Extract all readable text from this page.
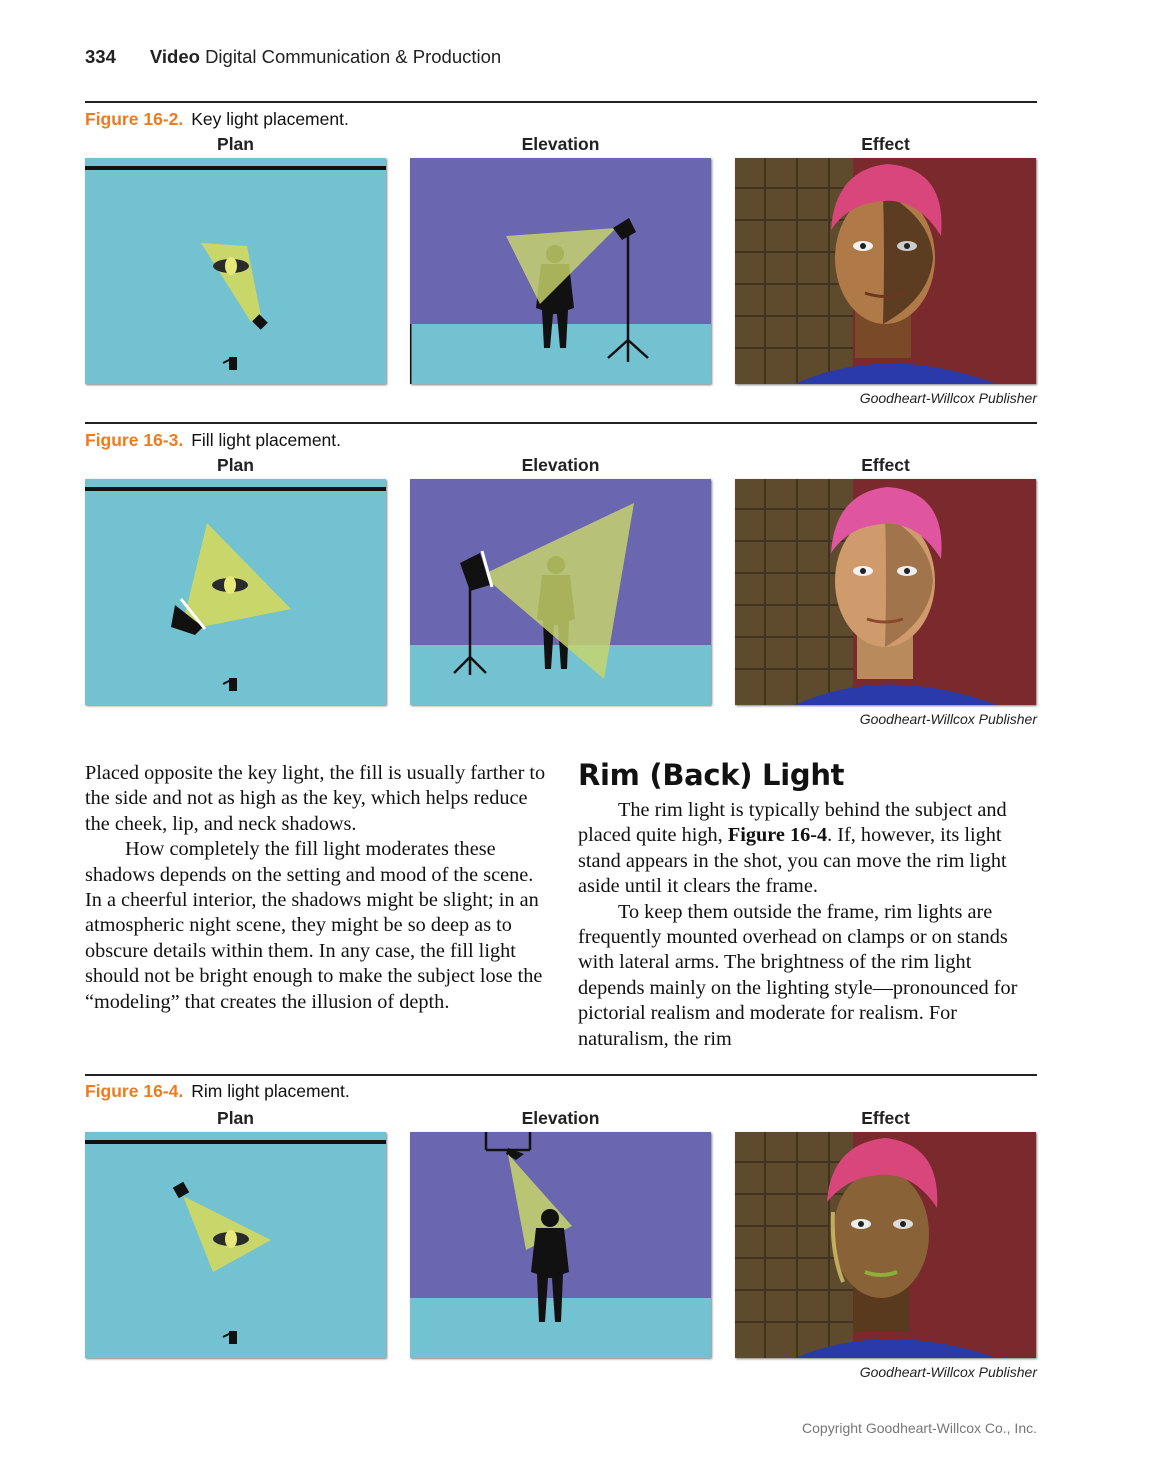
334 Video Digital Communication & Production
Figure 16-2. Key light placement.
Plan	Elevation	Effect
Goodheart-Willcox Publisher
Figure 16-3. Fill light placement.
Plan	Elevation	Effect
Goodheart-Willcox Publisher

Placed opposite the key light, the fill is usually farther to the side and not as high as the key, which helps reduce the cheek, lip, and neck shadows.

How completely the fill light moderates these shadows depends on the setting and mood of the scene. In a cheerful interior, the shadows might be slight; in an atmospheric night scene, they might be so deep as to obscure details within them. In any case, the fill light should not be bright enough to make the subject lose the “modeling” that creates the illusion of depth.

Rim (Back) Light

The rim light is typically behind the subject and placed quite high, Figure 16-4. If, however, its light stand appears in the shot, you can move the rim light aside until it clears the frame.

To keep them outside the frame, rim lights are frequently mounted overhead on clamps or on stands with lateral arms. The brightness of the rim light depends mainly on the lighting style—pronounced for pictorial realism and moderate for realism. For naturalism, the rim

Figure 16-4. Rim light placement.
Plan	Elevation	Effect
Goodheart-Willcox Publisher
Copyright Goodheart-Willcox Co., Inc.
